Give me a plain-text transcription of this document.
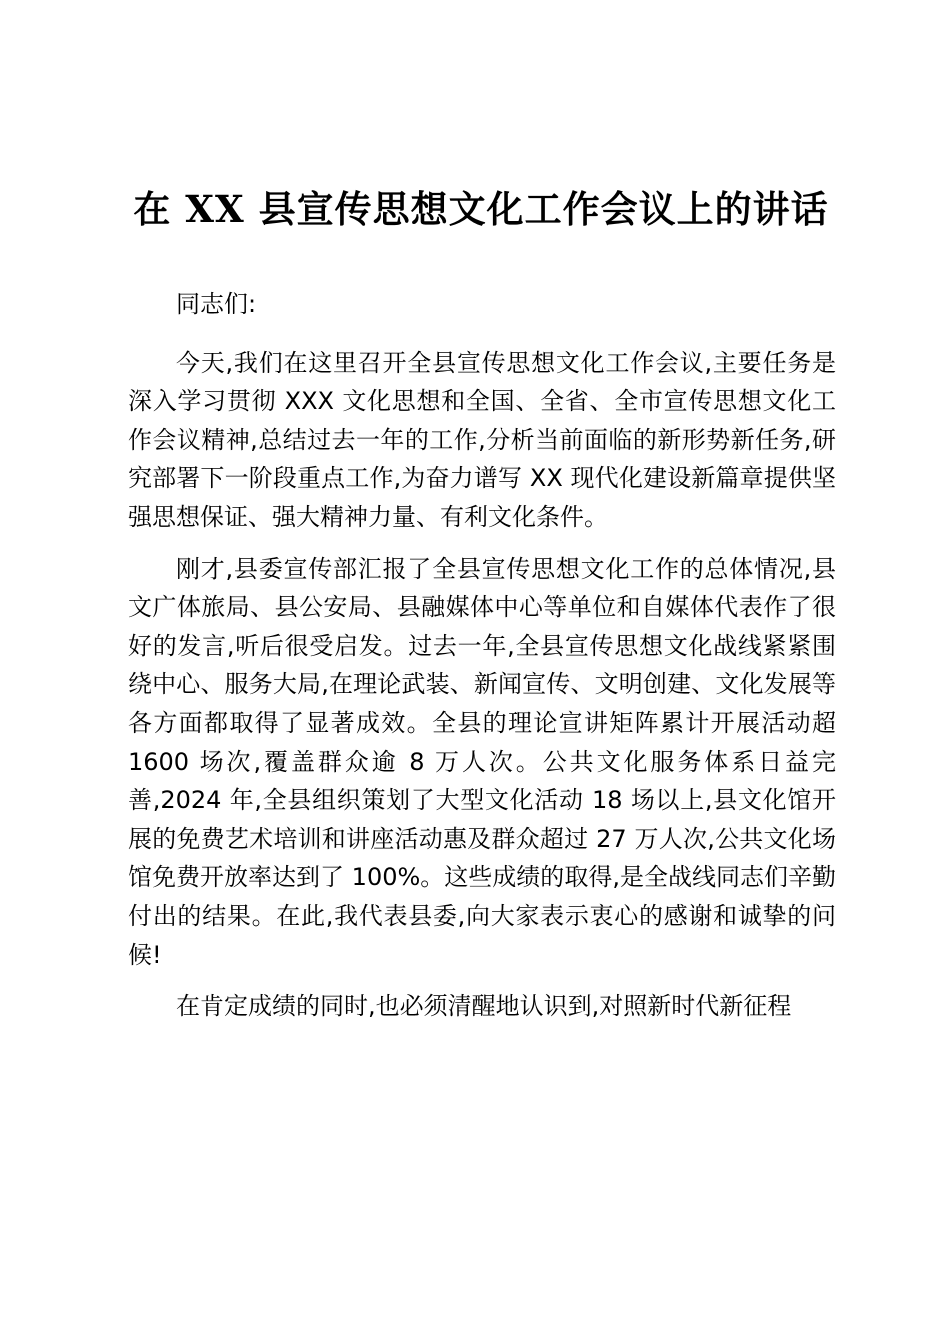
在 XX 县宣传思想文化工作会议上的讲话

同志们:

今天,我们在这里召开全县宣传思想文化工作会议,主要任务是深入学习贯彻 XXX 文化思想和全国、全省、全市宣传思想文化工作会议精神,总结过去一年的工作,分析当前面临的新形势新任务,研究部署下一阶段重点工作,为奋力谱写 XX 现代化建设新篇章提供坚强思想保证、强大精神力量、有利文化条件。

刚才,县委宣传部汇报了全县宣传思想文化工作的总体情况,县文广体旅局、县公安局、县融媒体中心等单位和自媒体代表作了很好的发言,听后很受启发。过去一年,全县宣传思想文化战线紧紧围绕中心、服务大局,在理论武装、新闻宣传、文明创建、文化发展等各方面都取得了显著成效。全县的理论宣讲矩阵累计开展活动超 1600 场次,覆盖群众逾 8 万人次。公共文化服务体系日益完善,2024 年,全县组织策划了大型文化活动 18 场以上,县文化馆开展的免费艺术培训和讲座活动惠及群众超过 27 万人次,公共文化场馆免费开放率达到了 100%。这些成绩的取得,是全战线同志们辛勤付出的结果。在此,我代表县委,向大家表示衷心的感谢和诚挚的问候!

在肯定成绩的同时,也必须清醒地认识到,对照新时代新征程
